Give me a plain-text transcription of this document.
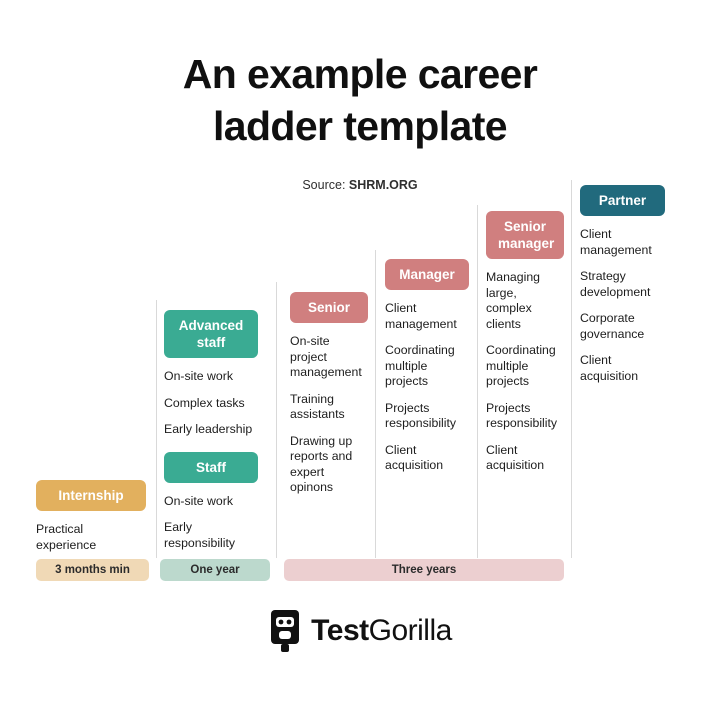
An example career
ladder template
Source: SHRM.ORG
Internship
Practical experience
Advanced staff
On-site work
Complex tasks
Early leadership
Staff
On-site work
Early responsibility
Senior
On-site project management
Training assistants
Drawing up reports and expert opinons
Manager
Client management
Coordinating multiple projects
Projects responsibility
Client acquisition
Senior manager
Managing large, complex clients
Coordinating multiple projects
Projects responsibility
Client acquisition
Partner
Client management
Strategy development
Corporate governance
Client acquisition
3 months min	One year	Three years
TestGorilla
